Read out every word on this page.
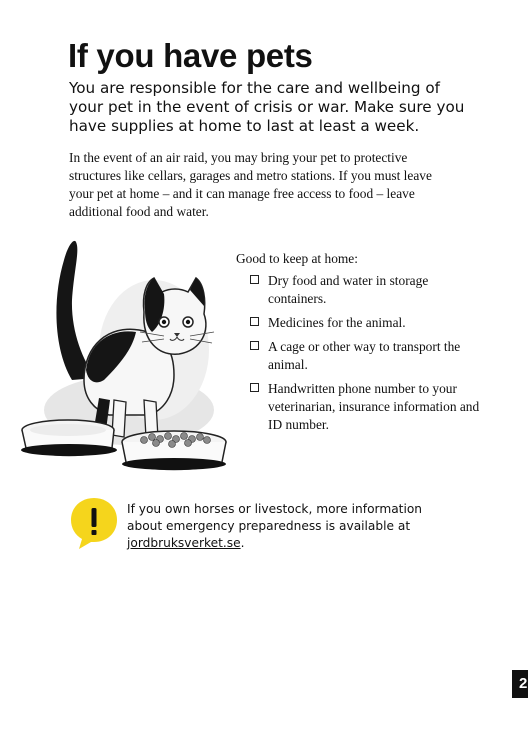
If you have pets

You are responsible for the care and wellbeing of your pet in the event of crisis or war. Make sure you have supplies at home to last at least a week.

In the event of an air raid, you may bring your pet to protective structures like cellars, garages and metro stations. If you must leave your pet at home – and it can manage free access to food – leave additional food and water.

Good to keep at home:

Dry food and water in storage containers.
Medicines for the animal.
A cage or other way to transport the animal.
Handwritten phone number to your veterinarian, insurance information and ID number.

If you own horses or livestock, more information about emergency preparedness is available at jordbruksverket.se.

2
